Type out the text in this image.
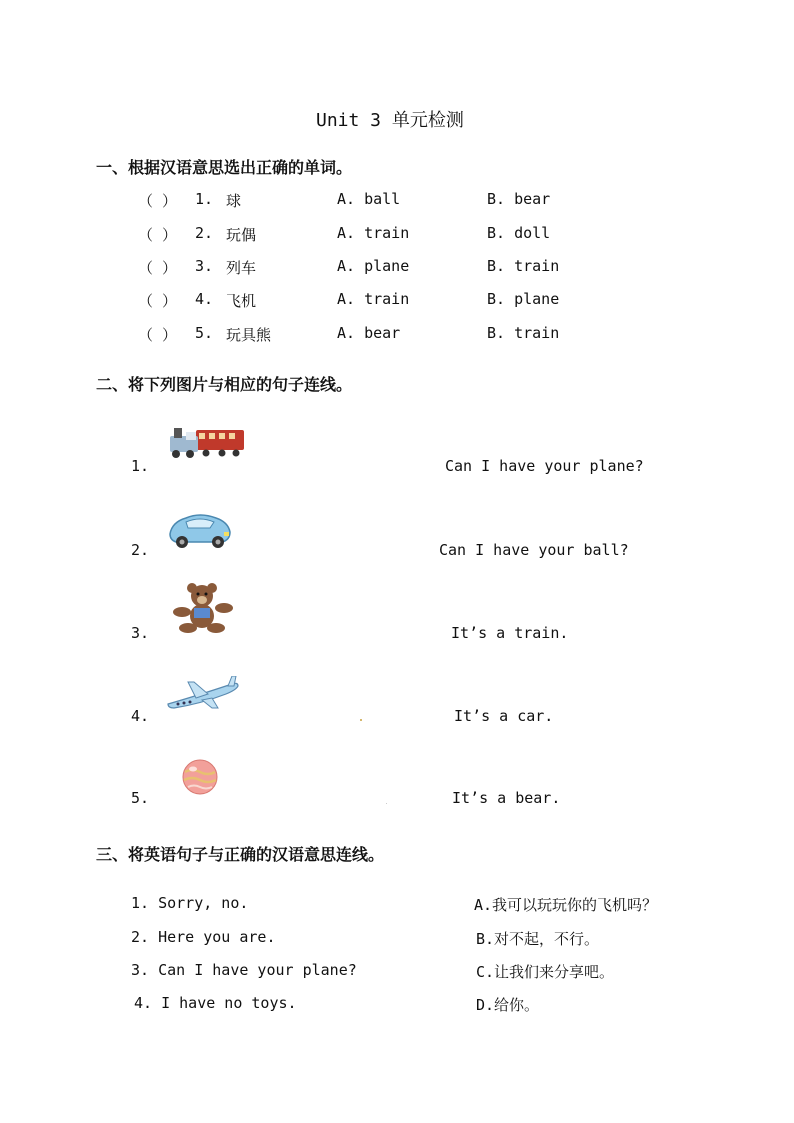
Unit 3 单元检测
一、根据汉语意思选出正确的单词。
（ ） 1. 球	A. ball	B. bear
（ ） 2. 玩偶	A. train	B. doll
（ ） 3. 列车	A. plane	B. train
（ ） 4. 飞机	A. train	B. plane
（ ） 5. 玩具熊	A. bear	B. train
二、将下列图片与相应的句子连线。
1.	Can I have your plane?
2.	Can I have your ball?
3.	It’s a train.
4.	It’s a car.
5.	It’s a bear.
三、将英语句子与正确的汉语意思连线。
1. Sorry, no.
2. Here you are.
3. Can I have your plane?
4. I have no toys.
A.我可以玩玩你的飞机吗？
B.对不起，不行。
C.让我们来分享吧。
D.给你。
